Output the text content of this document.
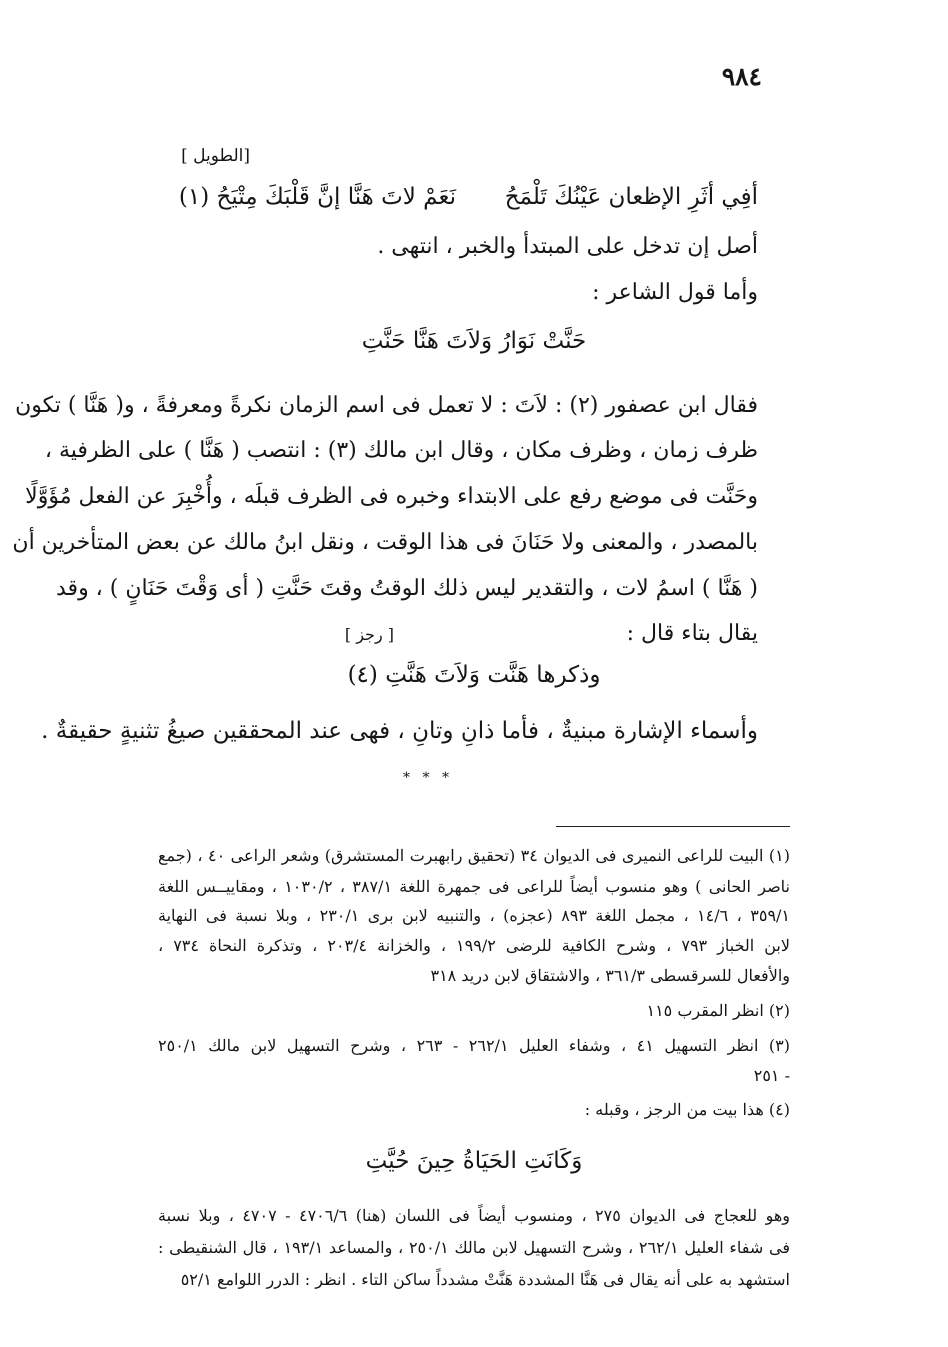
٩٨٤
[الطويل ]
أفِي أثَرِ الإظعان عَيْنُكَ تَلْمَحُ
نَعَمْ لاتَ هَنَّا إنَّ قَلْبَكَ مِتْيَحُ (١)
أصل إن تدخل على المبتدأ والخبر ، انتهى .
وأما قول الشاعر :
حَنَّتْ نَوَارُ وَلاَتَ هَنَّا حَنَّتِ
فقال ابن عصفور (٢) : لاَتَ : لا تعمل فى اسم الزمان نكرةً ومعرفةً ، و( هَنَّا ) تكون
ظرف زمان ، وظرف مكان ، وقال ابن مالك (٣) : انتصب ( هَنَّا ) على الظرفية ،
وحَنَّت فى موضع رفع على الابتداء وخبره فى الظرف قبلَه ، وأُخْبِرَ عن الفعل مُؤَوَّلًا
بالمصدر ، والمعنى ولا حَنَانَ فى هذا الوقت ، ونقل ابنُ مالك عن بعض المتأخرين أن
( هَنَّا ) اسمُ لات ، والتقدير ليس ذلك الوقتُ وقتَ حَنَّتِ ( أى وَقْتَ حَنَانٍ ) ، وقد
يقال بتاء قال :
[ رجز ]
وذكرها هَنَّت وَلاَتَ هَنَّتِ (٤)
وأسماء الإشارة مبنيةٌ ، فأما ذانِ وتانِ ، فهى عند المحققين صيغُ تثنيةٍ حقيقةٌ .
* * *
(١) البيت للراعى النميرى فى الديوان ٣٤ (تحقيق رابهبرت المستشرق) وشعر الراعى ٤٠ ، (جمع
ناصر الحانى ) وهو منسوب أيضاً للراعى فى جمهرة اللغة ٣٨٧/١ ، ١٠٣٠/٢ ، ومقاييــس اللغة
٣٥٩/١ ، ١٤/٦ ، مجمل اللغة ٨٩٣ (عجزه) ، والتنبيه لابن برى ٢٣٠/١ ، وبلا نسبة فى النهاية
لابن الخباز ٧٩٣ ، وشرح الكافية للرضى ١٩٩/٢ ، والخزانة ٢٠٣/٤ ، وتذكرة النحاة ٧٣٤ ،
والأفعال للسرقسطى ٣٦١/٣ ، والاشتقاق لابن دريد ٣١٨
(٢) انظر المقرب ١١٥
(٣) انظر التسهيل ٤١ ، وشفاء العليل ٢٦٢/١ - ٢٦٣ ، وشرح التسهيل لابن مالك ٢٥٠/١
- ٢٥١
(٤) هذا بيت من الرجز ، وقبله :
وَكَانَتِ الحَيَاةُ حِينَ حُيَّتِ
وهو للعجاج فى الديوان ٢٧٥ ، ومنسوب أيضاً فى اللسان (هنا) ٤٧٠٦/٦ - ٤٧٠٧ ، وبلا نسبة
فى شفاء العليل ٢٦٢/١ ، وشرح التسهيل لابن مالك ٢٥٠/١ ، والمساعد ١٩٣/١ ، قال الشنقيطى :
استشهد به على أنه يقال فى هَنَّا المشددة هَنَّتْ مشدداً ساكن التاء . انظر : الدرر اللوامع ٥٢/١
